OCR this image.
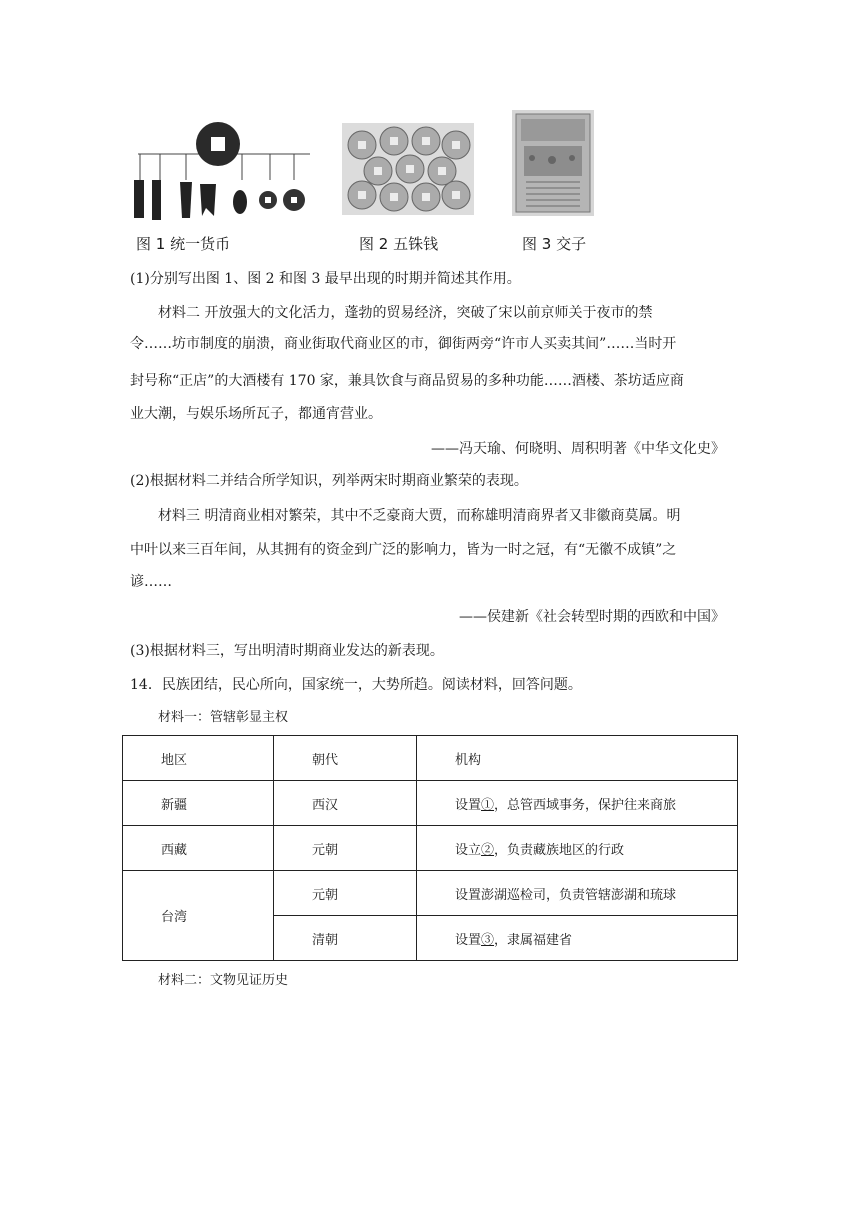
图 1 统一货币	图 2 五铢钱	图 3 交子
(1)分别写出图 1、图 2 和图 3 最早出现的时期并简述其作用。
材料二 开放强大的文化活力，蓬勃的贸易经济，突破了宋以前京师关于夜市的禁
令……坊市制度的崩溃，商业街取代商业区的市，御街两旁“许市人买卖其间”……当时开
封号称“正店”的大酒楼有 170 家，兼具饮食与商品贸易的多种功能……酒楼、茶坊适应商
业大潮，与娱乐场所瓦子，都通宵营业。
——冯天瑜、何晓明、周积明著《中华文化史》
(2)根据材料二并结合所学知识，列举两宋时期商业繁荣的表现。
材料三 明清商业相对繁荣，其中不乏豪商大贾，而称雄明清商界者又非徽商莫属。明
中叶以来三百年间，从其拥有的资金到广泛的影响力，皆为一时之冠，有“无徽不成镇”之
谚……
——侯建新《社会转型时期的西欧和中国》
(3)根据材料三，写出明清时期商业发达的新表现。
14．民族团结，民心所向，国家统一，大势所趋。阅读材料，回答问题。
材料一：管辖彰显主权
地区	朝代	机构
新疆	西汉	设置①，总管西域事务，保护往来商旅
西藏	元朝	设立②，负责藏族地区的行政
台湾	元朝	设置澎湖巡检司，负责管辖澎湖和琉球
	清朝	设置③，隶属福建省
材料二：文物见证历史
